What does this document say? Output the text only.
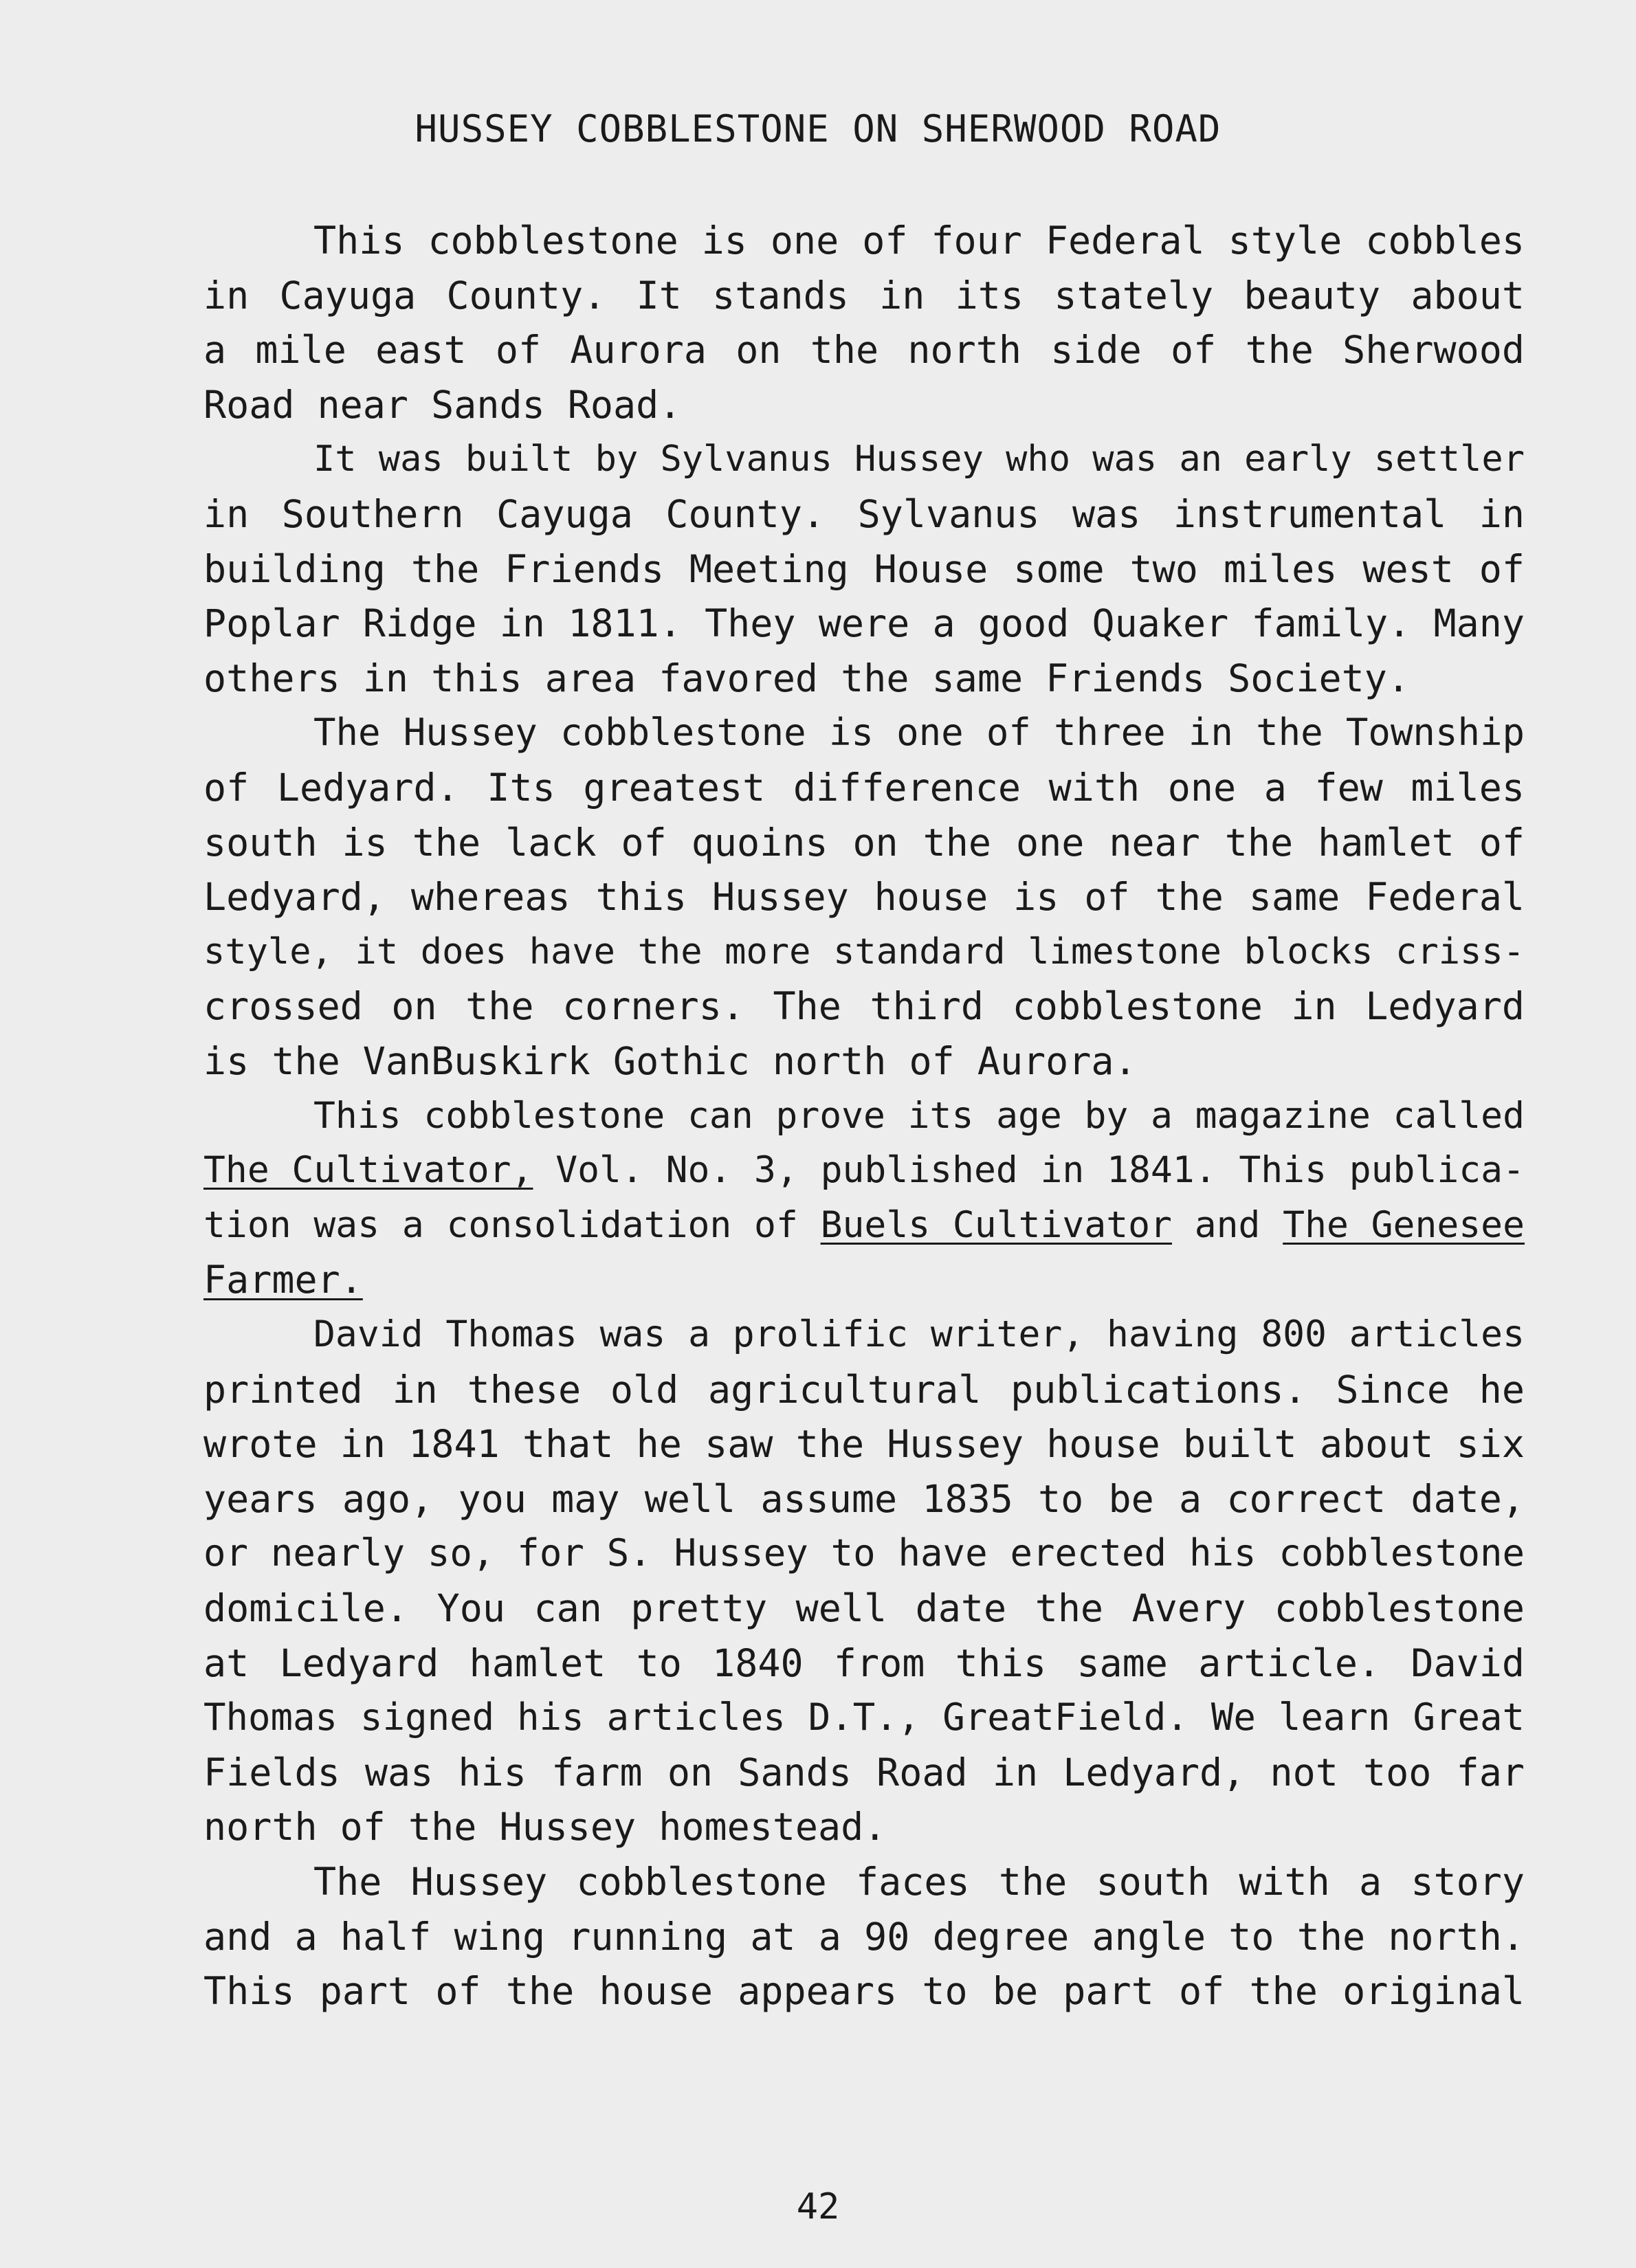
HUSSEY COBBLESTONE ON SHERWOOD ROAD
This cobblestone is one of four Federal style cobbles
in Cayuga County. It stands in its stately beauty about
a mile east of Aurora on the north side of the Sherwood
Road near Sands Road.
It was built by Sylvanus Hussey who was an early settler
in Southern Cayuga County. Sylvanus was instrumental in
building the Friends Meeting House some two miles west of
Poplar Ridge in 1811. They were a good Quaker family. Many
others in this area favored the same Friends Society.
The Hussey cobblestone is one of three in the Township
of Ledyard. Its greatest difference with one a few miles
south is the lack of quoins on the one near the hamlet of
Ledyard, whereas this Hussey house is of the same Federal
style, it does have the more standard limestone blocks criss-
crossed on the corners. The third cobblestone in Ledyard
is the VanBuskirk Gothic north of Aurora.
This cobblestone can prove its age by a magazine called
The Cultivator, Vol. No. 3, published in 1841. This publica-
tion was a consolidation of Buels Cultivator and The Genesee
Farmer.
David Thomas was a prolific writer, having 800 articles
printed in these old agricultural publications. Since he
wrote in 1841 that he saw the Hussey house built about six
years ago, you may well assume 1835 to be a correct date,
or nearly so, for S. Hussey to have erected his cobblestone
domicile. You can pretty well date the Avery cobblestone
at Ledyard hamlet to 1840 from this same article. David
Thomas signed his articles D.T., GreatField. We learn Great
Fields was his farm on Sands Road in Ledyard, not too far
north of the Hussey homestead.
The Hussey cobblestone faces the south with a story
and a half wing running at a 90 degree angle to the north.
This part of the house appears to be part of the original
42
